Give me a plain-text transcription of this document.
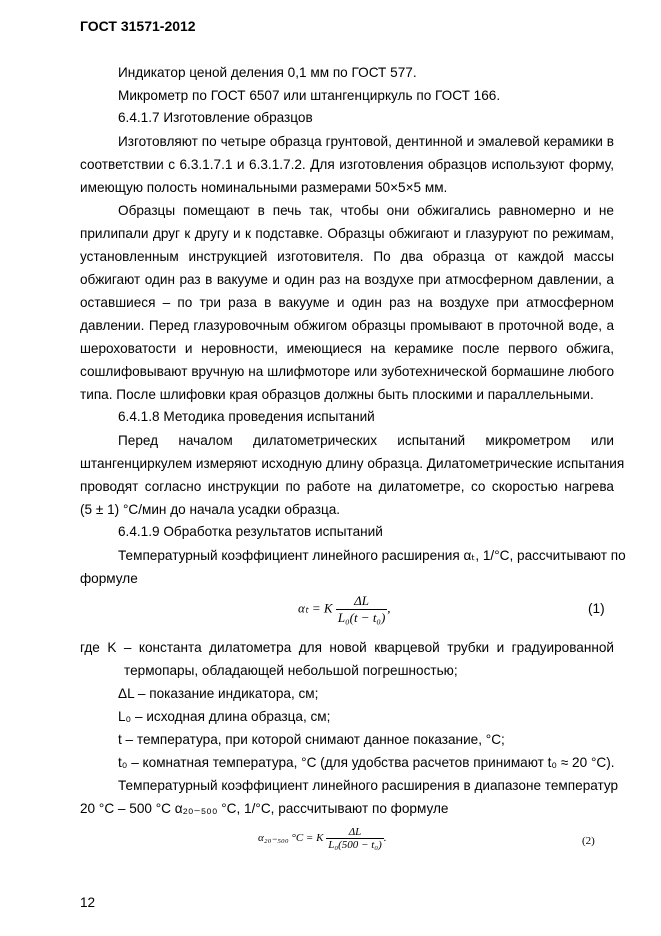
ГОСТ 31571-2012
Индикатор ценой деления 0,1 мм по ГОСТ 577.
Микрометр по ГОСТ 6507 или штангенциркуль по ГОСТ 166.
6.4.1.7 Изготовление образцов
Изготовляют по четыре образца грунтовой, дентинной и эмалевой керамики в
соответствии с 6.3.1.7.1 и 6.3.1.7.2. Для изготовления образцов используют форму,
имеющую полость номинальными размерами 50×5×5 мм.
Образцы помещают в печь так, чтобы они обжигались равномерно и не
прилипали друг к другу и к подставке. Образцы обжигают и глазуруют по режимам,
установленным инструкцией изготовителя. По два образца от каждой массы
обжигают один раз в вакууме и один раз на воздухе при атмосферном давлении, а
оставшиеся – по три раза в вакууме и один раз на воздухе при атмосферном
давлении. Перед глазуровочным обжигом образцы промывают в проточной воде, а
шероховатости и неровности, имеющиеся на керамике после первого обжига,
сошлифовывают вручную на шлифмоторе или зуботехнической бормашине любого
типа. После шлифовки края образцов должны быть плоскими и параллельными.
6.4.1.8 Методика проведения испытаний
Перед началом дилатометрических испытаний микрометром или
штангенциркулем измеряют исходную длину образца. Дилатометрические испытания
проводят согласно инструкции по работе на дилатометре, со скоростью нагрева
(5 ± 1) °C/мин до начала усадки образца.
6.4.1.9 Обработка результатов испытаний
Температурный коэффициент линейного расширения αₜ, 1/°С, рассчитывают по
формуле
αₜ = K $\frac{\Delta L}{\text{L₀(t − t₀)}}$ ,	(1)
где K – константа дилатометра для новой кварцевой трубки и градуированной
термопары, обладающей небольшой погрешностью;
ΔL – показание индикатора, см;
L₀ – исходная длина образца, см;
t – температура, при которой снимают данное показание, °С;
t₀ – комнатная температура, °С (для удобства расчетов принимают t₀ ≈ 20 °С).
Температурный коэффициент линейного расширения в диапазоне температур
20 °С – 500 °С α₂₀₋₅₀₀ °С, 1/°С, рассчитывают по формуле
α₂₀₋₅₀₀ °С = K $\frac{\Delta L}{\text{L₀(500 − t₀)}}$ .	(2)
12
